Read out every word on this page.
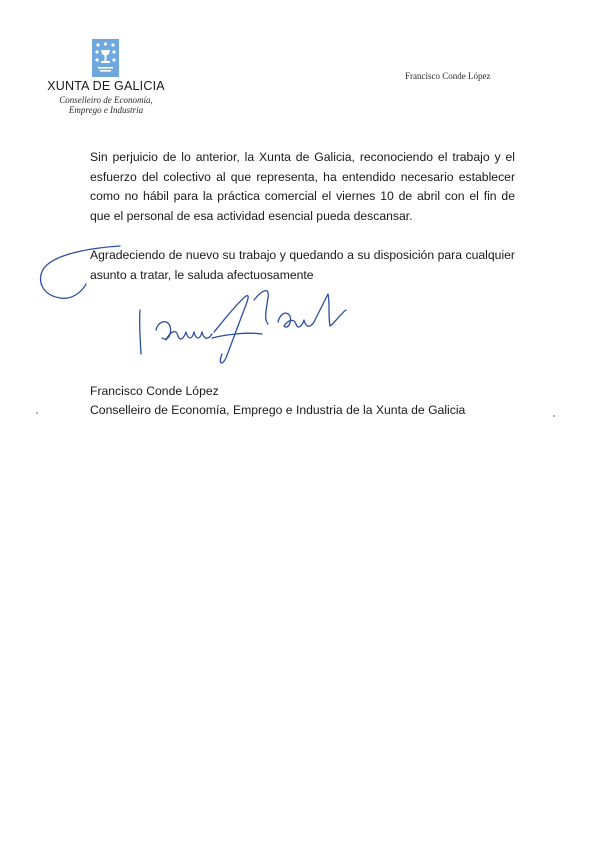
XUNTA DE GALICIA
Conselleiro de Economía,
Emprego e Industria
Francisco Conde López

Sin perjuicio de lo anterior, la Xunta de Galicia, reconociendo el trabajo y el esfuerzo del colectivo al que representa, ha entendido necesario establecer como no hábil para la práctica comercial el viernes 10 de abril con el fin de que el personal de esa actividad esencial pueda descansar.

Agradeciendo de nuevo su trabajo y quedando a su disposición para cualquier asunto a tratar, le saluda afectuosamente

Francisco Conde López

Conselleiro de Economía, Emprego e Industria de la Xunta de Galicia
